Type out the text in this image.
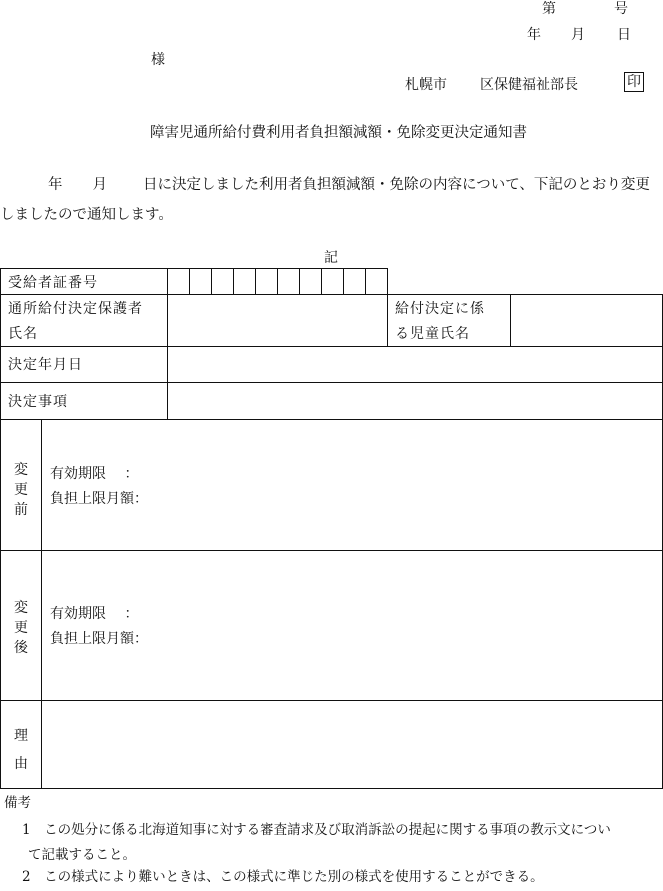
第	号
年 月 日
様
札幌市 区保健福祉部長	印
障害児通所給付費利用者負担額減額・免除変更決定通知書
年 月 日に決定しました利用者負担額減額・免除の内容について、下記のとおり変更しましたので通知します。
記
受給者証番号
通所給付決定保護者
氏名
給付決定に係
る児童氏名
決定年月日
決定事項
変更前
有効期限　 ：
負担上限月額：
変更後
有効期限　 ：
負担上限月額：
理由
備考
1　この処分に係る北海道知事に対する審査請求及び取消訴訟の提起に関する事項の教示文につい
て記載すること。
2　この様式により難いときは、この様式に準じた別の様式を使用することができる。
